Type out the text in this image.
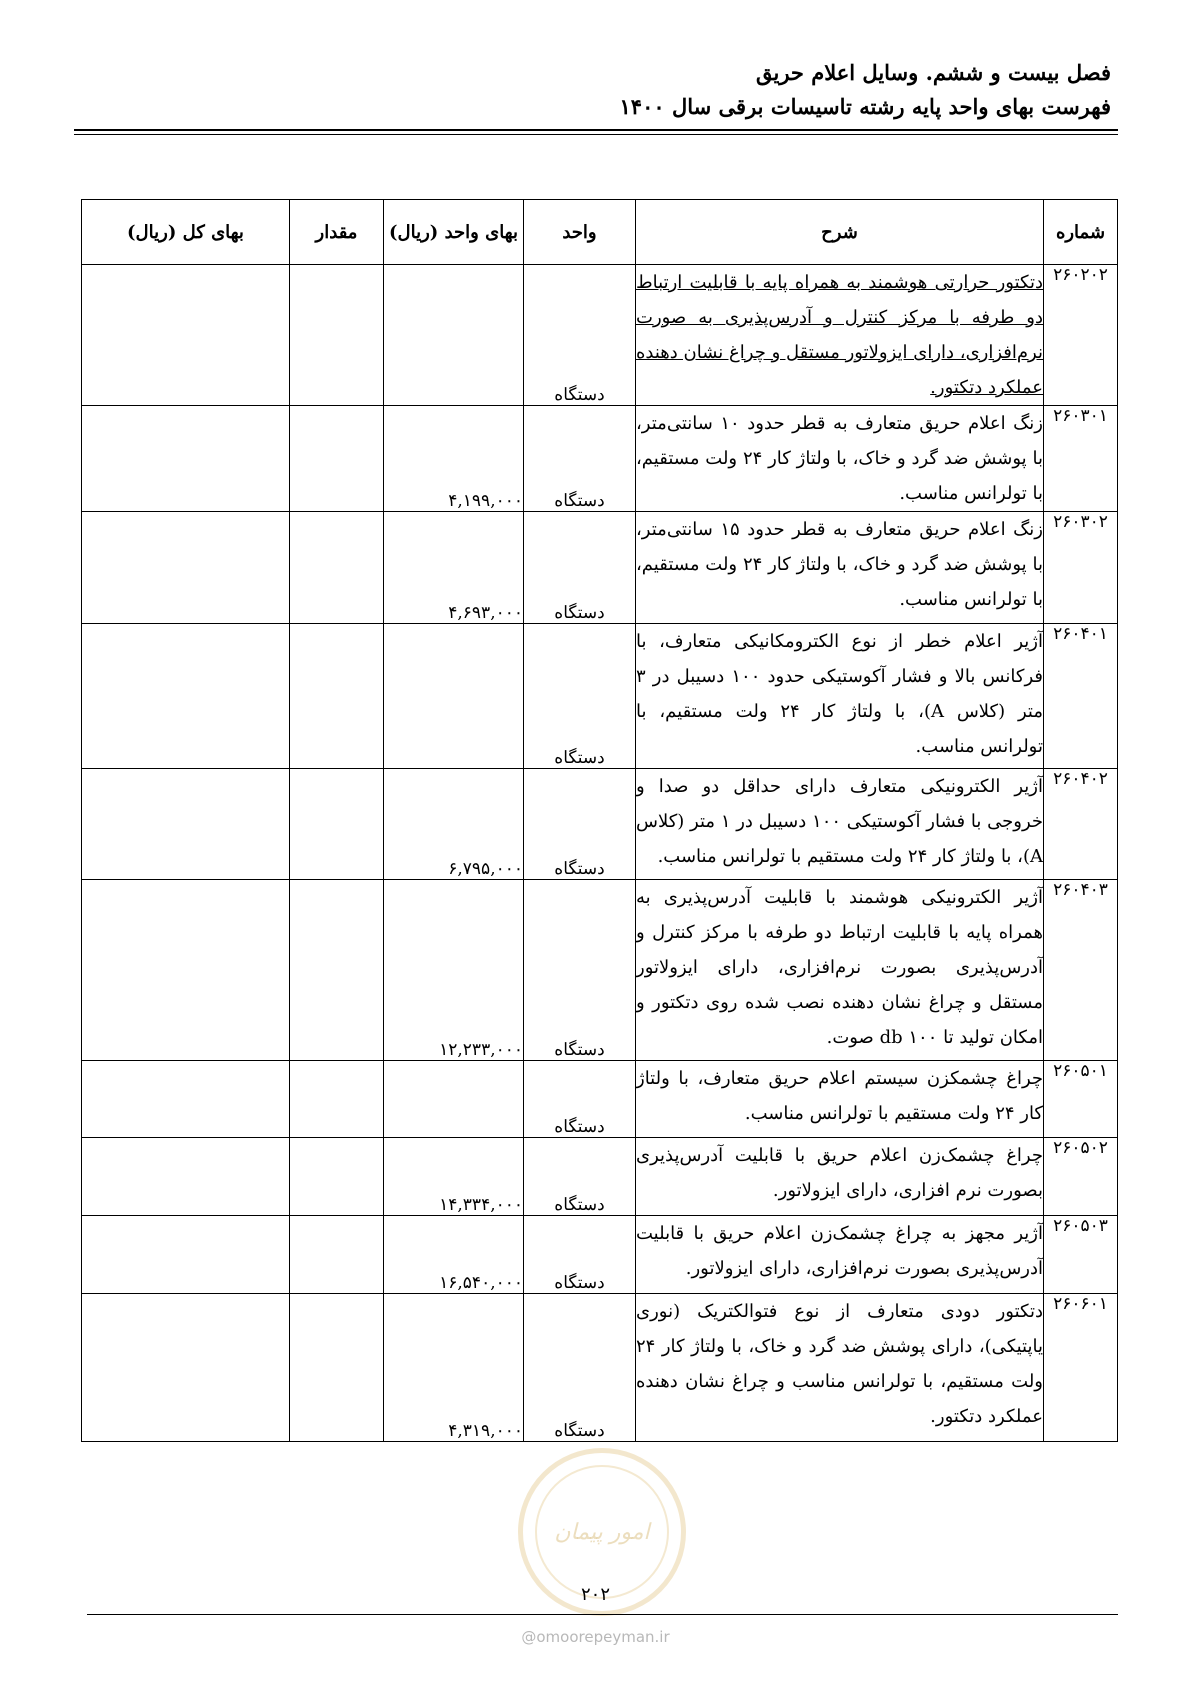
فصل بیست و ششم. وسایل اعلام حریق
فهرست بهای واحد پایه رشته تاسیسات برقی سال ۱۴۰۰
شماره	شرح	واحد	بهای واحد (ریال)	مقدار	بهای کل (ریال)
۲۶۰۲۰۲	دتکتور حرارتی هوشمند به همراه پایه با قابلیت ارتباط دو طرفه با مرکز کنترل و آدرس‌پذیری به صورت نرم‌افزاری، دارای ایزولاتور مستقل و چراغ نشان دهنده عملکرد دتکتور.	دستگاه			
۲۶۰۳۰۱	زنگ اعلام حریق متعارف به قطر حدود ۱۰ سانتی‌متر، با پوشش ضد گرد و خاک، با ولتاژ کار ۲۴ ولت مستقیم، با تولرانس مناسب.	دستگاه	۴,۱۹۹,۰۰۰		
۲۶۰۳۰۲	زنگ اعلام حریق متعارف به قطر حدود ۱۵ سانتی‌متر، با پوشش ضد گرد و خاک، با ولتاژ کار ۲۴ ولت مستقیم، با تولرانس مناسب.	دستگاه	۴,۶۹۳,۰۰۰		
۲۶۰۴۰۱	آژیر اعلام خطر از نوع الکترومکانیکی متعارف، با فرکانس بالا و فشار آکوستیکی حدود ۱۰۰ دسیبل در ۳ متر (کلاس A)، با ولتاژ کار ۲۴ ولت مستقیم، با تولرانس مناسب.	دستگاه			
۲۶۰۴۰۲	آژیر الکترونیکی متعارف دارای حداقل دو صدا و خروجی با فشار آکوستیکی ۱۰۰ دسیبل در ۱ متر (کلاس A)، با ولتاژ کار ۲۴ ولت مستقیم با تولرانس مناسب.	دستگاه	۶,۷۹۵,۰۰۰		
۲۶۰۴۰۳	آژیر الکترونیکی هوشمند با قابلیت آدرس‌پذیری به همراه پایه با قابلیت ارتباط دو طرفه با مرکز کنترل و آدرس‌پذیری بصورت نرم‌افزاری، دارای ایزولاتور مستقل و چراغ نشان دهنده نصب شده روی دتکتور و امکان تولید تا ۱۰۰ db صوت.	دستگاه	۱۲,۲۳۳,۰۰۰		
۲۶۰۵۰۱	چراغ چشمکزن سیستم اعلام حریق متعارف، با ولتاژ کار ۲۴ ولت مستقیم با تولرانس مناسب.	دستگاه			
۲۶۰۵۰۲	چراغ چشمک‌زن اعلام حریق با قابلیت آدرس‌پذیری بصورت نرم افزاری، دارای ایزولاتور.	دستگاه	۱۴,۳۳۴,۰۰۰		
۲۶۰۵۰۳	آژیر مجهز به چراغ چشمک‌زن اعلام حریق با قابلیت آدرس‌پذیری بصورت نرم‌افزاری، دارای ایزولاتور.	دستگاه	۱۶,۵۴۰,۰۰۰		
۲۶۰۶۰۱	دتکتور دودی متعارف از نوع فتوالکتریک (نوری یاپتیکی)، دارای پوشش ضد گرد و خاک، با ولتاژ کار ۲۴ ولت مستقیم، با تولرانس مناسب و چراغ نشان دهنده عملکرد دتکتور.	دستگاه	۴,۳۱۹,۰۰۰		
امور پیمان
۲۰۲
@omoorepeyman.ir
